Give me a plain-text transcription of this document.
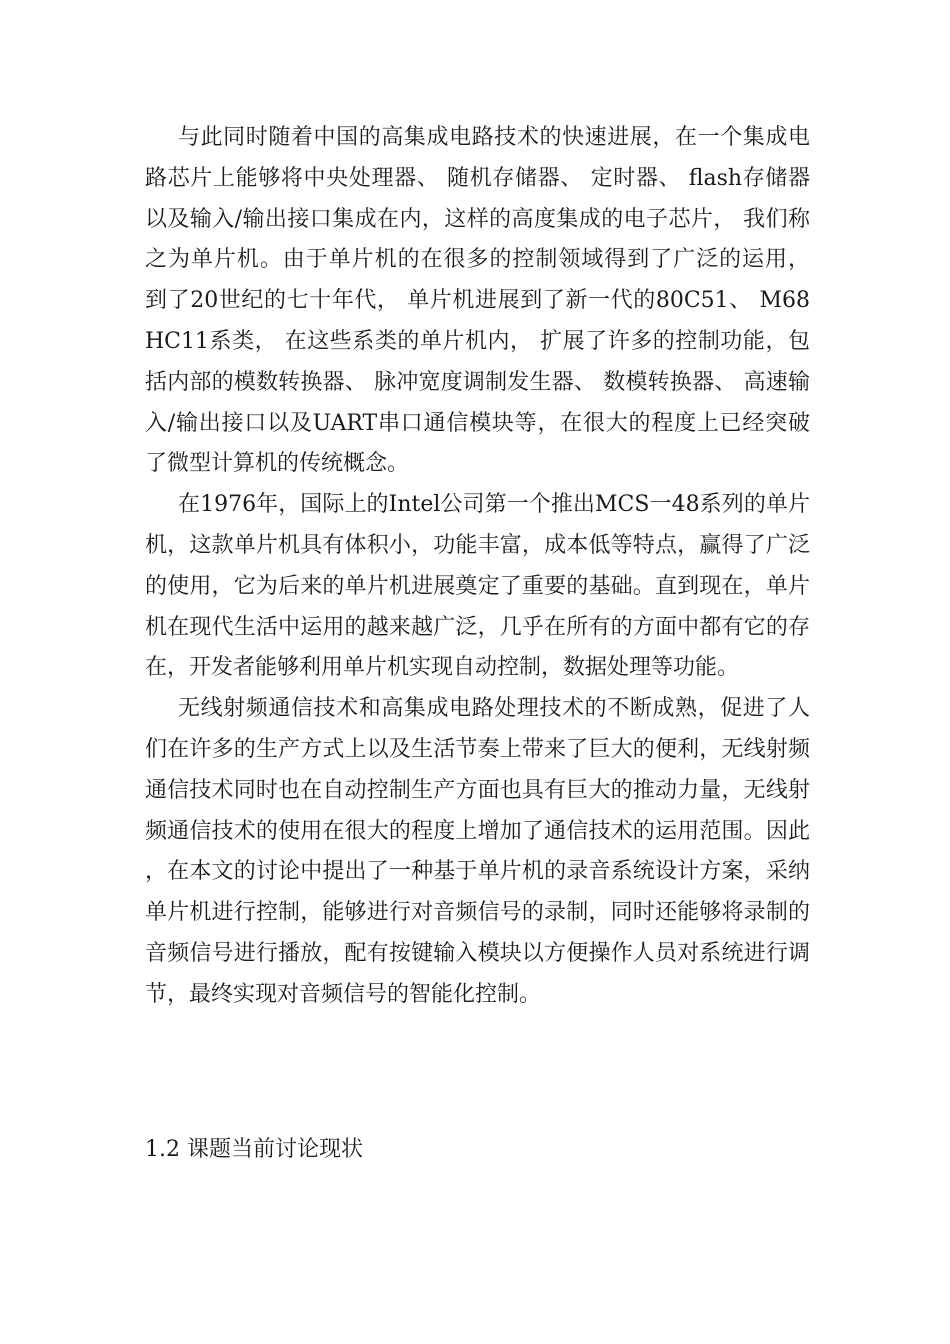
与此同时随着中国的高集成电路技术的快速进展，在一个集成电路芯片上能够将中央处理器、 随机存储器、 定时器、 flash存储器以及输入/输出接口集成在内，这样的高度集成的电子芯片， 我们称之为单片机。由于单片机的在很多的控制领域得到了广泛的运用， 到了20世纪的七十年代， 单片机进展到了新一代的80C51、 M68HC11系类， 在这些系类的单片机内， 扩展了许多的控制功能，包括内部的模数转换器、 脉冲宽度调制发生器、 数模转换器、 高速输入/输出接口以及UART串口通信模块等，在很大的程度上已经突破了微型计算机的传统概念。

在1976年，国际上的Intel公司第一个推出MCS一48系列的单片机，这款单片机具有体积小，功能丰富，成本低等特点，赢得了广泛的使用，它为后来的单片机进展奠定了重要的基础。直到现在，单片机在现代生活中运用的越来越广泛，几乎在所有的方面中都有它的存在，开发者能够利用单片机实现自动控制，数据处理等功能。

无线射频通信技术和高集成电路处理技术的不断成熟，促进了人们在许多的生产方式上以及生活节奏上带来了巨大的便利，无线射频通信技术同时也在自动控制生产方面也具有巨大的推动力量，无线射频通信技术的使用在很大的程度上增加了通信技术的运用范围。因此，在本文的讨论中提出了一种基于单片机的录音系统设计方案，采纳单片机进行控制，能够进行对音频信号的录制，同时还能够将录制的音频信号进行播放，配有按键输入模块以方便操作人员对系统进行调节，最终实现对音频信号的智能化控制。

1.2 课题当前讨论现状
